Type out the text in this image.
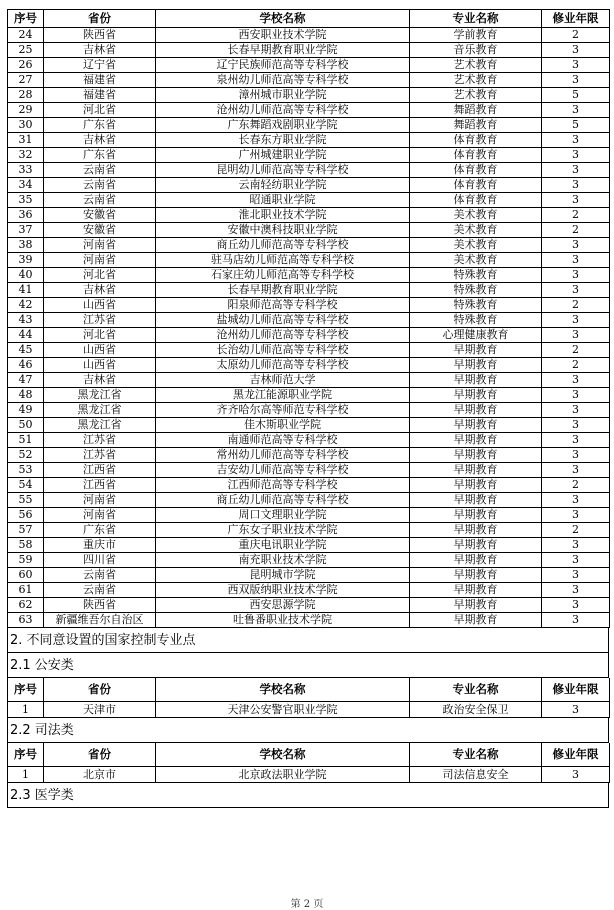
序号	省份	学校名称	专业名称	修业年限
24	陕西省	西安职业技术学院	学前教育	2
25	吉林省	长春早期教育职业学院	音乐教育	3
26	辽宁省	辽宁民族师范高等专科学校	艺术教育	3
27	福建省	泉州幼儿师范高等专科学校	艺术教育	3
28	福建省	漳州城市职业学院	艺术教育	5
29	河北省	沧州幼儿师范高等专科学校	舞蹈教育	3
30	广东省	广东舞蹈戏剧职业学院	舞蹈教育	5
31	吉林省	长春东方职业学院	体育教育	3
32	广东省	广州城建职业学院	体育教育	3
33	云南省	昆明幼儿师范高等专科学校	体育教育	3
34	云南省	云南轻纺职业学院	体育教育	3
35	云南省	昭通职业学院	体育教育	3
36	安徽省	淮北职业技术学院	美术教育	2
37	安徽省	安徽中澳科技职业学院	美术教育	2
38	河南省	商丘幼儿师范高等专科学校	美术教育	3
39	河南省	驻马店幼儿师范高等专科学校	美术教育	3
40	河北省	石家庄幼儿师范高等专科学校	特殊教育	3
41	吉林省	长春早期教育职业学院	特殊教育	3
42	山西省	阳泉师范高等专科学校	特殊教育	2
43	江苏省	盐城幼儿师范高等专科学校	特殊教育	3
44	河北省	沧州幼儿师范高等专科学校	心理健康教育	3
45	山西省	长治幼儿师范高等专科学校	早期教育	2
46	山西省	太原幼儿师范高等专科学校	早期教育	2
47	吉林省	吉林师范大学	早期教育	3
48	黑龙江省	黑龙江能源职业学院	早期教育	3
49	黑龙江省	齐齐哈尔高等师范专科学校	早期教育	3
50	黑龙江省	佳木斯职业学院	早期教育	3
51	江苏省	南通师范高等专科学校	早期教育	3
52	江苏省	常州幼儿师范高等专科学校	早期教育	3
53	江西省	吉安幼儿师范高等专科学校	早期教育	3
54	江西省	江西师范高等专科学校	早期教育	2
55	河南省	商丘幼儿师范高等专科学校	早期教育	3
56	河南省	周口文理职业学院	早期教育	3
57	广东省	广东女子职业技术学院	早期教育	2
58	重庆市	重庆电讯职业学院	早期教育	3
59	四川省	南充职业技术学院	早期教育	3
60	云南省	昆明城市学院	早期教育	3
61	云南省	西双版纳职业技术学院	早期教育	3
62	陕西省	西安思源学院	早期教育	3
63	新疆维吾尔自治区	吐鲁番职业技术学院	早期教育	3
2. 不同意设置的国家控制专业点
2.1 公安类
序号	省份	学校名称	专业名称	修业年限
1	天津市	天津公安警官职业学院	政治安全保卫	3
2.2 司法类
序号	省份	学校名称	专业名称	修业年限
1	北京市	北京政法职业学院	司法信息安全	3
2.3 医学类
第 2 页
